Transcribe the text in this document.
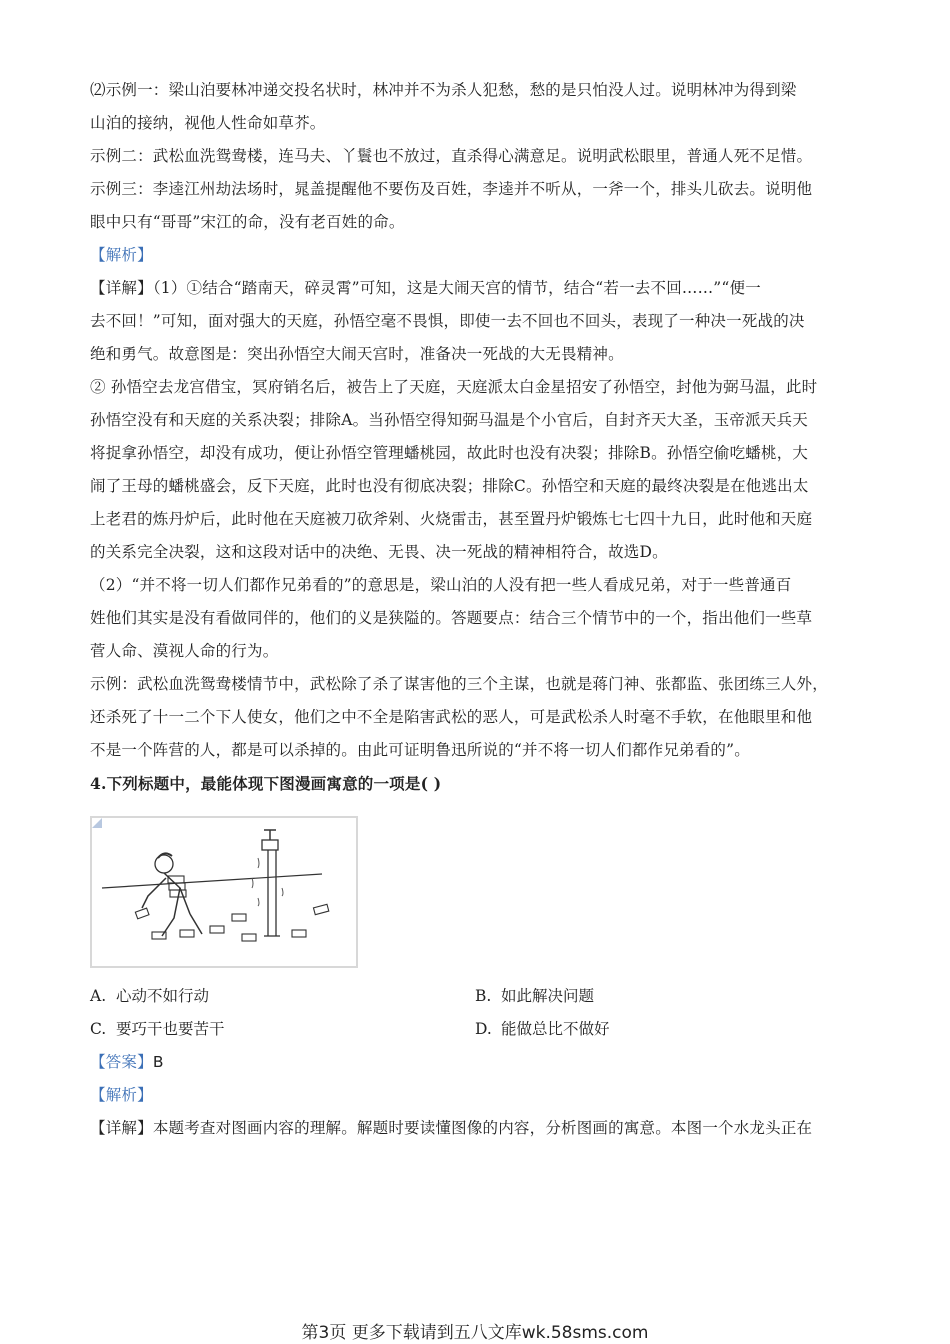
⑵示例一：梁山泊要林冲递交投名状时，林冲并不为杀人犯愁，愁的是只怕没人过。说明林冲为得到梁

山泊的接纳，视他人性命如草芥。

示例二：武松血洗鸳鸯楼，连马夫、丫鬟也不放过，直杀得心满意足。说明武松眼里，普通人死不足惜。

示例三：李逵江州劫法场时，晁盖提醒他不要伤及百姓，李逵并不听从，一斧一个，排头儿砍去。说明他

眼中只有“哥哥”宋江的命，没有老百姓的命。

【解析】

【详解】（1）①结合“踏南天，碎灵霄”可知，这是大闹天宫的情节，结合“若一去不回……”“便一

去不回！”可知，面对强大的天庭，孙悟空毫不畏惧，即使一去不回也不回头，表现了一种决一死战的决

绝和勇气。故意图是：突出孙悟空大闹天宫时，准备决一死战的大无畏精神。

② 孙悟空去龙宫借宝，冥府销名后，被告上了天庭，天庭派太白金星招安了孙悟空，封他为弼马温，此时

孙悟空没有和天庭的关系决裂；排除A。当孙悟空得知弼马温是个小官后，自封齐天大圣，玉帝派天兵天

将捉拿孙悟空，却没有成功，便让孙悟空管理蟠桃园，故此时也没有决裂；排除B。孙悟空偷吃蟠桃，大

闹了王母的蟠桃盛会，反下天庭，此时也没有彻底决裂；排除C。孙悟空和天庭的最终决裂是在他逃出太

上老君的炼丹炉后，此时他在天庭被刀砍斧剁、火烧雷击，甚至置丹炉锻炼七七四十九日，此时他和天庭

的关系完全决裂，这和这段对话中的决绝、无畏、决一死战的精神相符合，故选D。

（2）“并不将一切人们都作兄弟看的”的意思是，梁山泊的人没有把一些人看成兄弟，对于一些普通百

姓他们其实是没有看做同伴的，他们的义是狭隘的。答题要点：结合三个情节中的一个，指出他们一些草

菅人命、漠视人命的行为。

示例：武松血洗鸳鸯楼情节中，武松除了杀了谋害他的三个主谋，也就是蒋门神、张都监、张团练三人外，

还杀死了十一二个下人使女，他们之中不全是陷害武松的恶人，可是武松杀人时毫不手软，在他眼里和他

不是一个阵营的人，都是可以杀掉的。由此可证明鲁迅所说的“并不将一切人们都作兄弟看的”。

4.下列标题中，最能体现下图漫画寓意的一项是( )

A. 心动不如行动	B. 如此解决问题
C. 要巧干也要苦干	D. 能做总比不做好

【答案】B

【解析】

【详解】本题考查对图画内容的理解。解题时要读懂图像的内容，分析图画的寓意。本图一个水龙头正在

第3页 更多下载请到五八文库wk.58sms.com
